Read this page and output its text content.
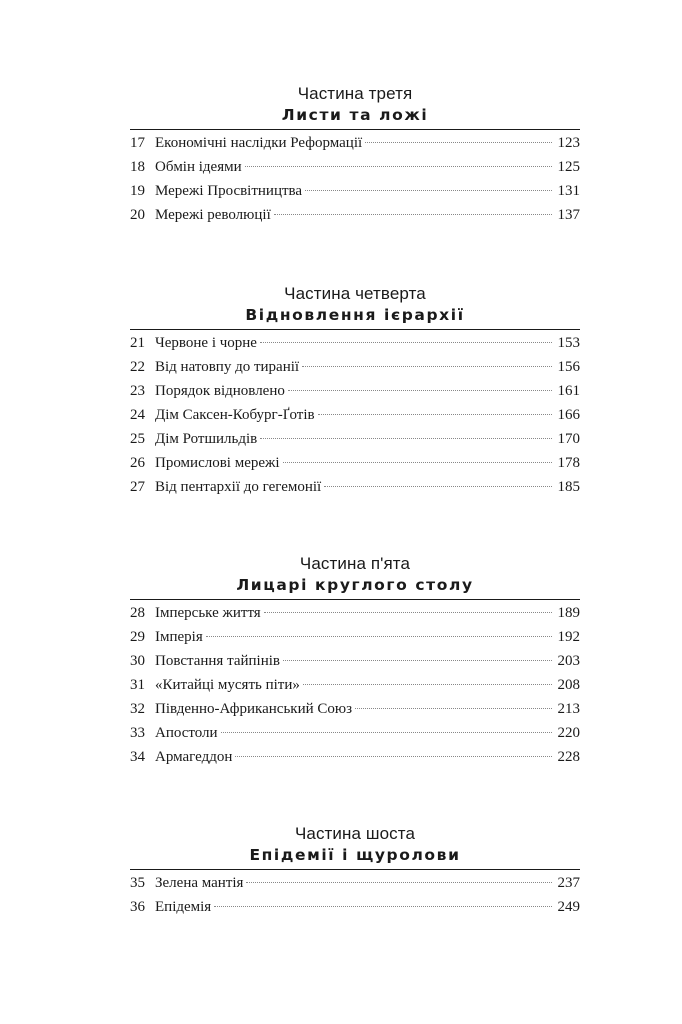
Частина третя
Листи та ложі
17 Економічні наслідки Реформації	123
18 Обмін ідеями	125
19 Мережі Просвітництва	131
20 Мережі революції	137
Частина четверта
Відновлення ієрархії
21 Червоне і чорне	153
22 Від натовпу до тиранії	156
23 Порядок відновлено	161
24 Дім Саксен-Кобург-Ґотів	166
25 Дім Ротшильдів	170
26 Промислові мережі	178
27 Від пентархії до гегемонії	185
Частина п'ята
Лицарі круглого столу
28 Імперське життя	189
29 Імперія	192
30 Повстання тайпінів	203
31 «Китайці мусять піти»	208
32 Південно-Африканський Союз	213
33 Апостоли	220
34 Армагеддон	228
Частина шоста
Епідемії і щуролови
35 Зелена мантія	237
36 Епідемія	249
